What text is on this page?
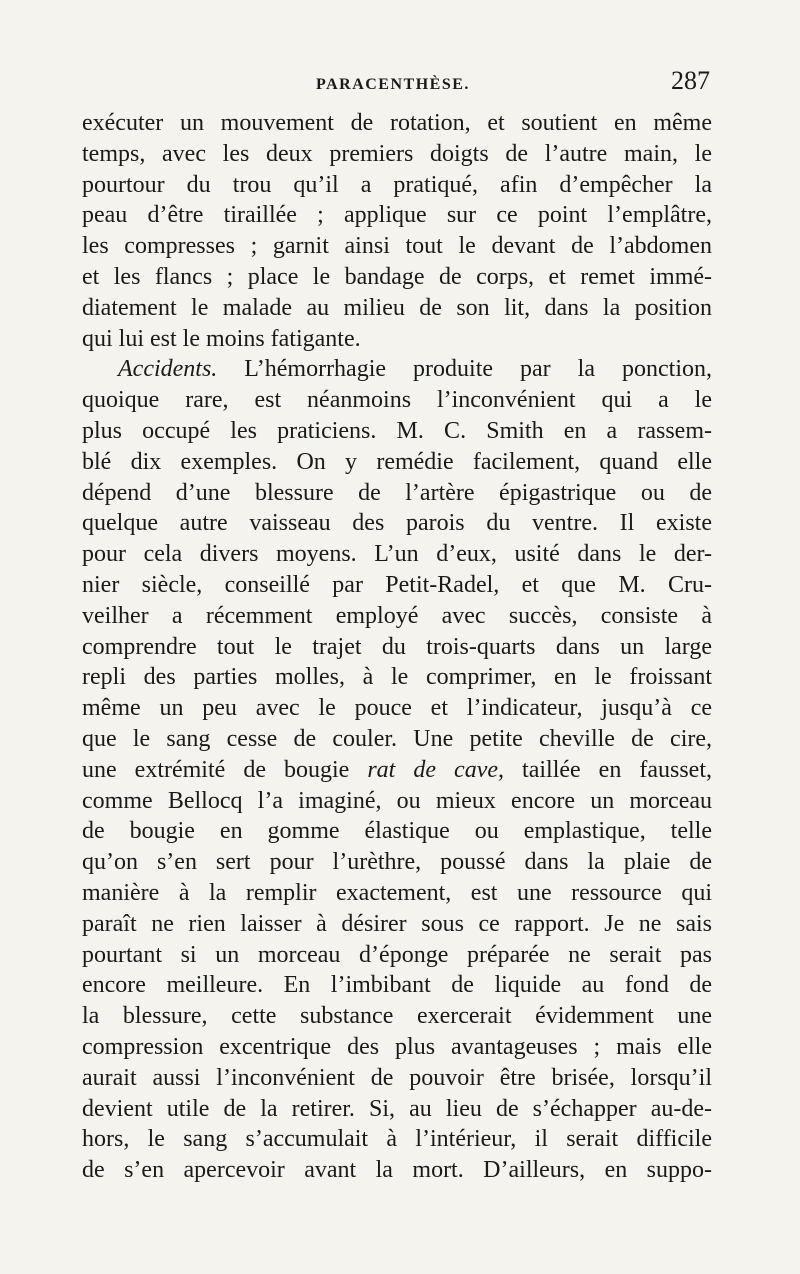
PARACENTHÈSE.	287
exécuter un mouvement de rotation, et soutient en même
temps, avec les deux premiers doigts de l’autre main, le
pourtour du trou qu’il a pratiqué, afin d’empêcher la
peau d’être tiraillée ; applique sur ce point l’emplâtre,
les compresses ; garnit ainsi tout le devant de l’abdomen
et les flancs ; place le bandage de corps, et remet immé-
diatement le malade au milieu de son lit, dans la position
qui lui est le moins fatigante.
Accidents. L’hémorrhagie produite par la ponction,
quoique rare, est néanmoins l’inconvénient qui a le
plus occupé les praticiens. M. C. Smith en a rassem-
blé dix exemples. On y remédie facilement, quand elle
dépend d’une blessure de l’artère épigastrique ou de
quelque autre vaisseau des parois du ventre. Il existe
pour cela divers moyens. L’un d’eux, usité dans le der-
nier siècle, conseillé par Petit-Radel, et que M. Cru-
veilher a récemment employé avec succès, consiste à
comprendre tout le trajet du trois-quarts dans un large
repli des parties molles, à le comprimer, en le froissant
même un peu avec le pouce et l’indicateur, jusqu’à ce
que le sang cesse de couler. Une petite cheville de cire,
une extrémité de bougie rat de cave, taillée en fausset,
comme Bellocq l’a imaginé, ou mieux encore un morceau
de bougie en gomme élastique ou emplastique, telle
qu’on s’en sert pour l’urèthre, poussé dans la plaie de
manière à la remplir exactement, est une ressource qui
paraît ne rien laisser à désirer sous ce rapport. Je ne sais
pourtant si un morceau d’éponge préparée ne serait pas
encore meilleure. En l’imbibant de liquide au fond de
la blessure, cette substance exercerait évidemment une
compression excentrique des plus avantageuses ; mais elle
aurait aussi l’inconvénient de pouvoir être brisée, lorsqu’il
devient utile de la retirer. Si, au lieu de s’échapper au-de-
hors, le sang s’accumulait à l’intérieur, il serait difficile
de s’en apercevoir avant la mort. D’ailleurs, en suppo-
